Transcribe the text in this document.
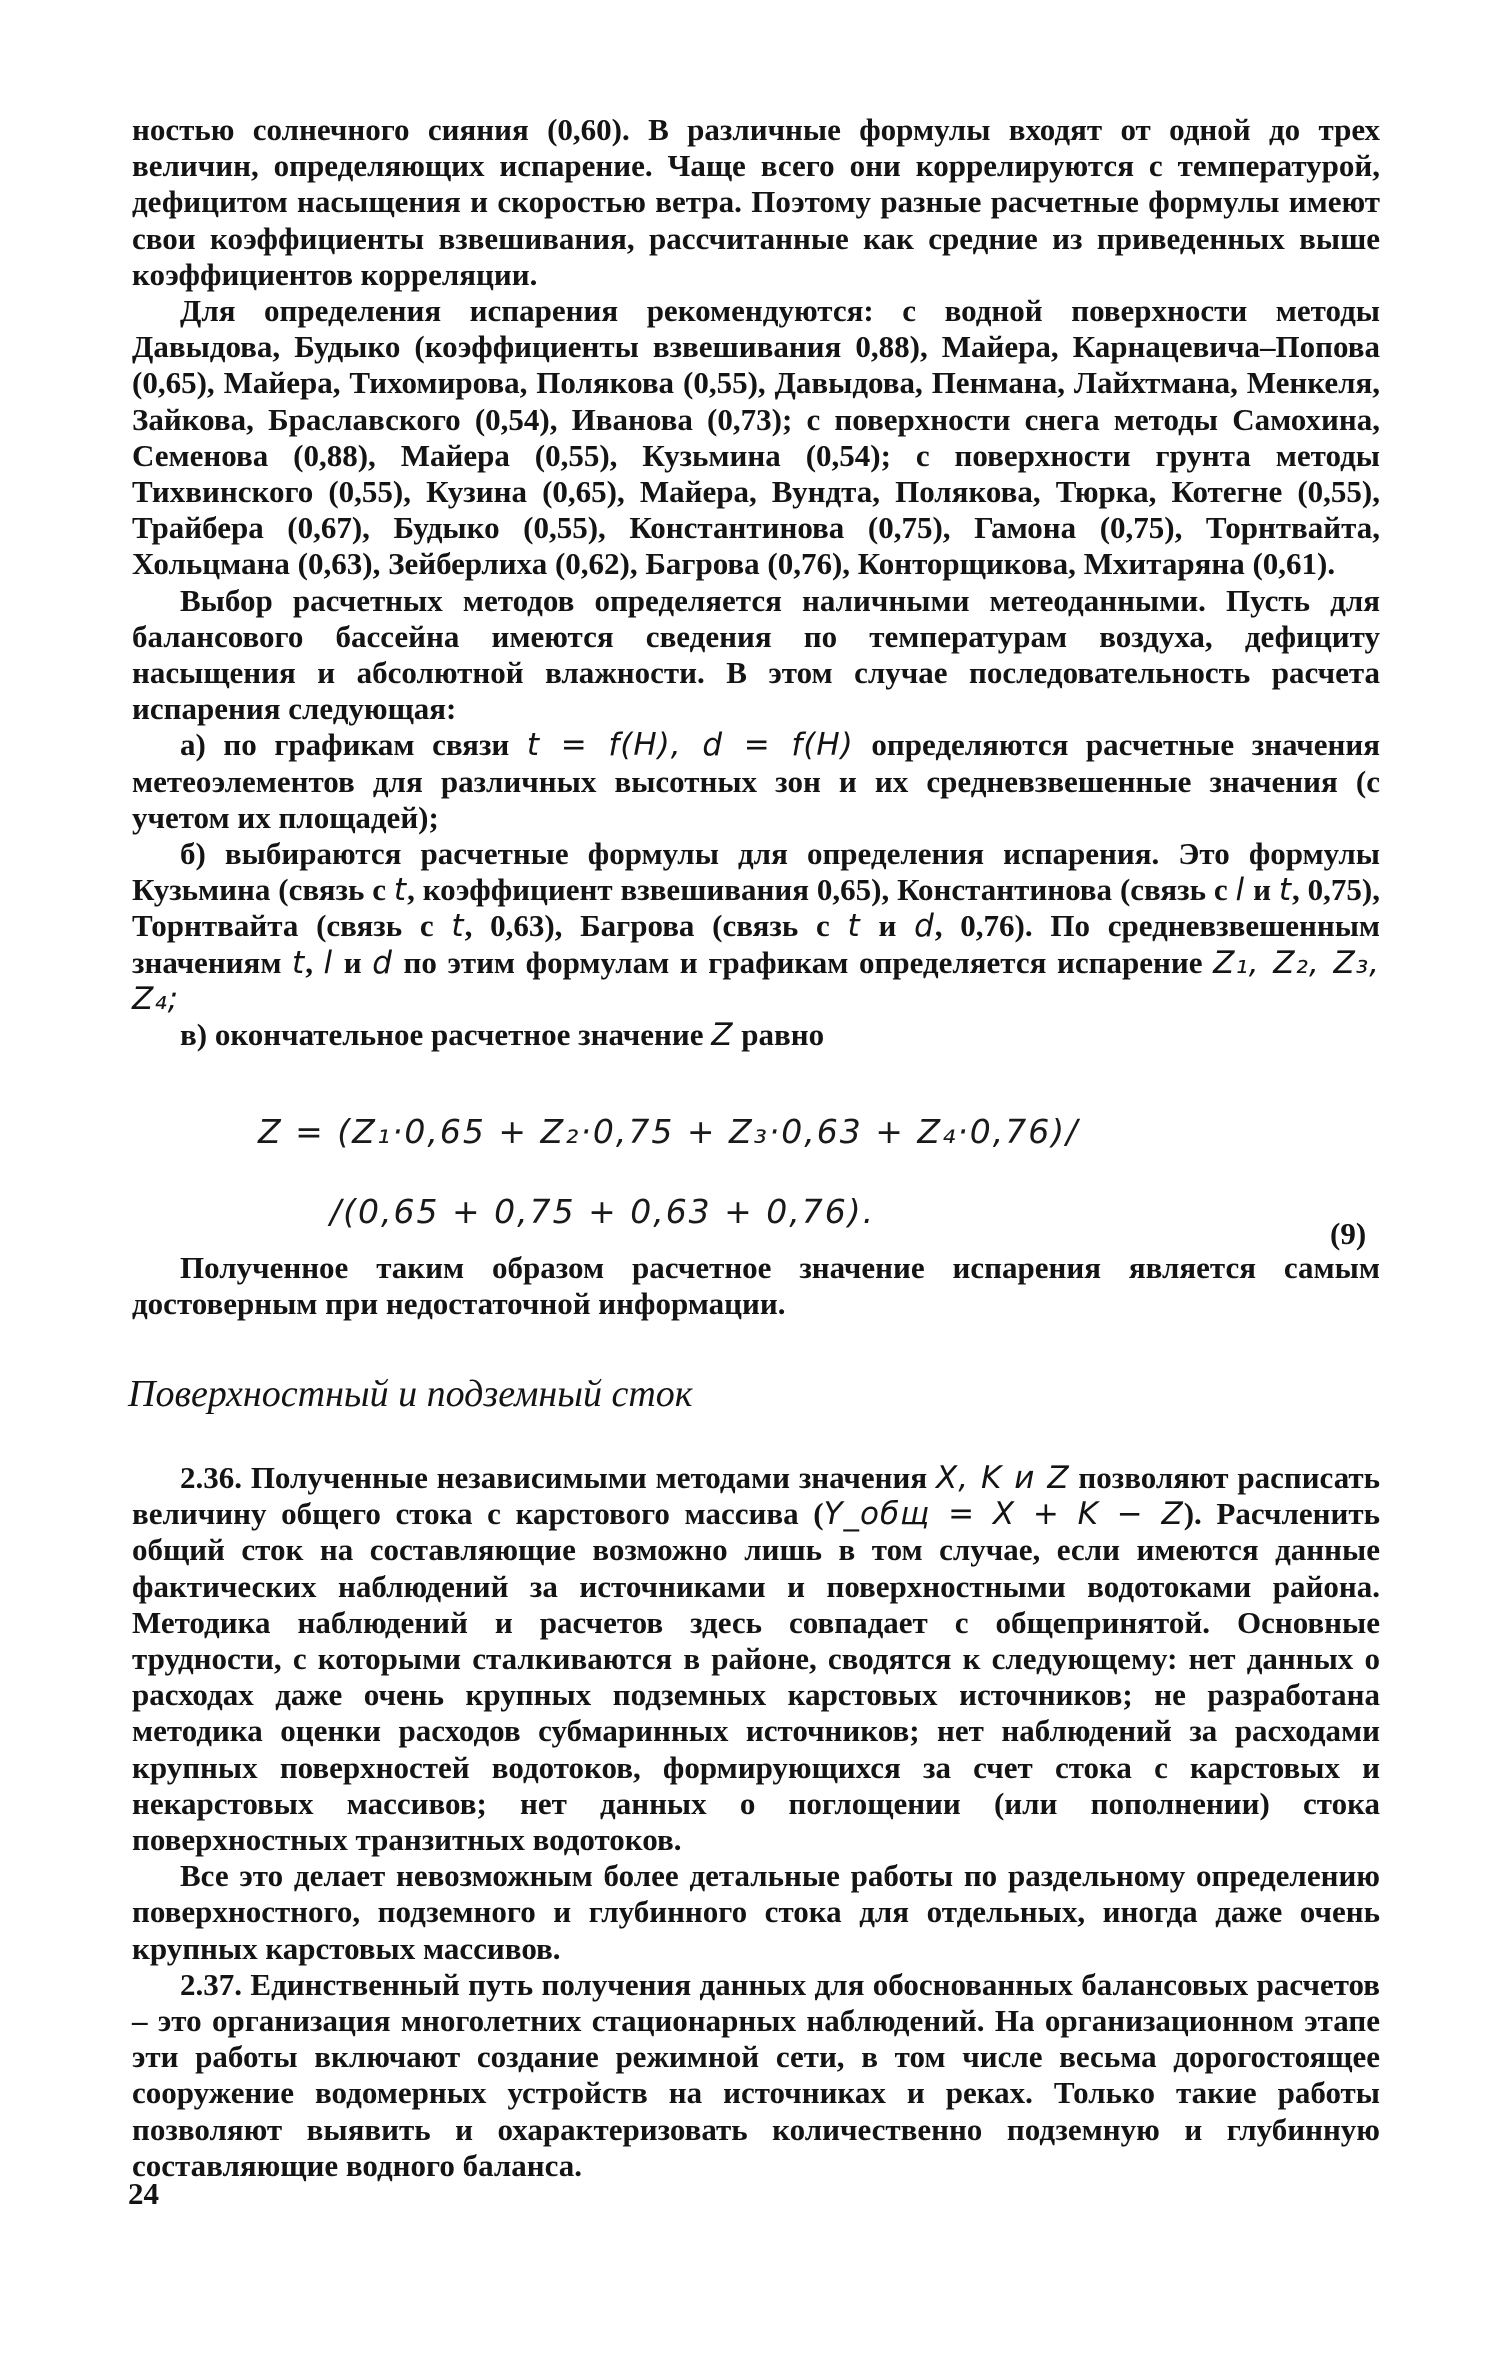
ностью солнечного сияния (0,60). В различные формулы входят от одной до трех величин, определяющих испарение. Чаще всего они коррелируются с температурой, дефицитом насыщения и скоростью ветра. Поэтому разные расчетные формулы имеют свои коэффициенты взвешивания, рассчитанные как средние из приведенных выше коэффициентов корреляции.

Для определения испарения рекомендуются: с водной поверхности методы Давыдова, Будыко (коэффициенты взвешивания 0,88), Майера, Карнацевича–Попова (0,65), Майера, Тихомирова, Полякова (0,55), Давыдова, Пенмана, Лайхтмана, Менкеля, Зайкова, Браславского (0,54), Иванова (0,73); с поверхности снега методы Самохина, Семенова (0,88), Майера (0,55), Кузьмина (0,54); с поверхности грунта методы Тихвинского (0,55), Кузина (0,65), Майера, Вундта, Полякова, Тюрка, Котегне (0,55), Трайбера (0,67), Будыко (0,55), Константинова (0,75), Гамона (0,75), Торнтвайта, Хольцмана (0,63), Зейберлиха (0,62), Багрова (0,76), Конторщикова, Мхитаряна (0,61).

Выбор расчетных методов определяется наличными метеоданными. Пусть для балансового бассейна имеются сведения по температурам воздуха, дефициту насыщения и абсолютной влажности. В этом случае последовательность расчета испарения следующая:

а) по графикам связи t = f(H), d = f(H) определяются расчетные значения метеоэлементов для различных высотных зон и их средневзвешенные значения (с учетом их площадей);

б) выбираются расчетные формулы для определения испарения. Это формулы Кузьмина (связь с t, коэффициент взвешивания 0,65), Константинова (связь с l и t, 0,75), Торнтвайта (связь с t, 0,63), Багрова (связь с t и d, 0,76). По средневзвешенным значениям t, l и d по этим формулам и графикам определяется испарение Z₁, Z₂, Z₃, Z₄;

в) окончательное расчетное значение Z равно

Z = (Z₁·0,65 + Z₂·0,75 + Z₃·0,63 + Z₄·0,76)/
/(0,65 + 0,75 + 0,63 + 0,76).
(9)

Полученное таким образом расчетное значение испарения является самым достоверным при недостаточной информации.

Поверхностный и подземный сток

2.36. Полученные независимыми методами значения X, K и Z позволяют расписать величину общего стока с карстового массива (Y_общ = X + K − Z). Расчленить общий сток на составляющие возможно лишь в том случае, если имеются данные фактических наблюдений за источниками и поверхностными водотоками района. Методика наблюдений и расчетов здесь совпадает с общепринятой. Основные трудности, с которыми сталкиваются в районе, сводятся к следующему: нет данных о расходах даже очень крупных подземных карстовых источников; не разработана методика оценки расходов субмаринных источников; нет наблюдений за расходами крупных поверхностей водотоков, формирующихся за счет стока с карстовых и некарстовых массивов; нет данных о поглощении (или пополнении) стока поверхностных транзитных водотоков.

Все это делает невозможным более детальные работы по раздельному определению поверхностного, подземного и глубинного стока для отдельных, иногда даже очень крупных карстовых массивов.

2.37. Единственный путь получения данных для обоснованных балансовых расчетов – это организация многолетних стационарных наблюдений. На организационном этапе эти работы включают создание режимной сети, в том числе весьма дорогостоящее сооружение водомерных устройств на источниках и реках. Только такие работы позволяют выявить и охарактеризовать количественно подземную и глубинную составляющие водного баланса.

24
